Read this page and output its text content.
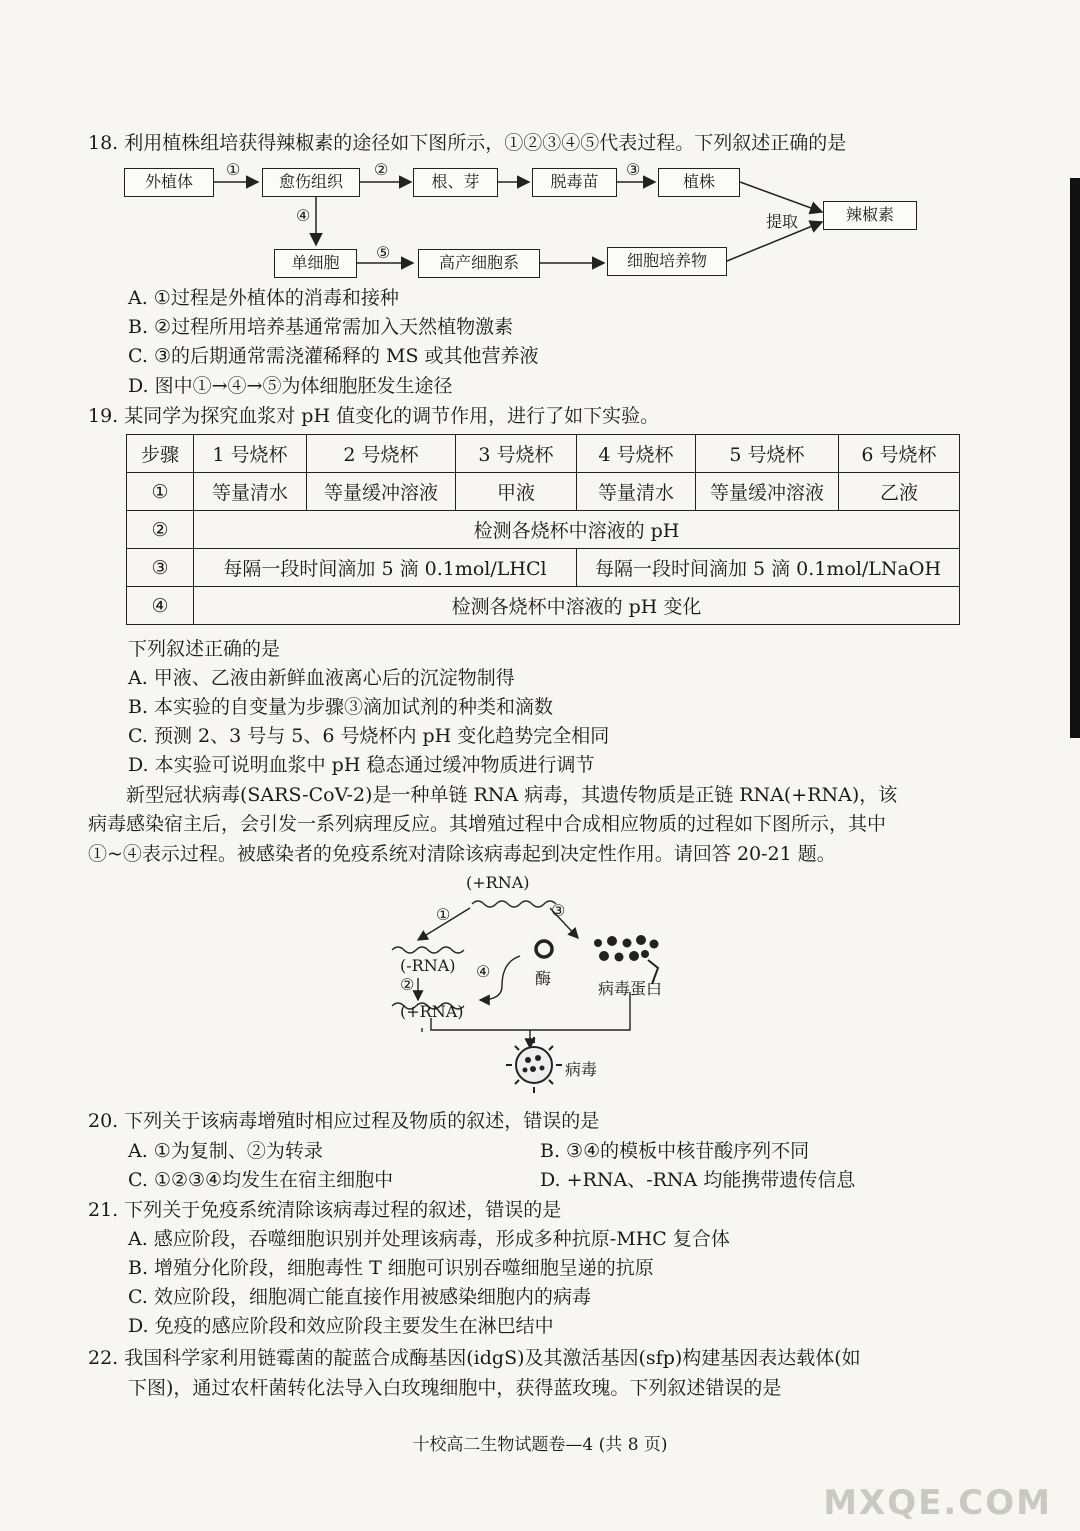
18. 利用植株组培获得辣椒素的途径如下图所示，①②③④⑤代表过程。下列叙述正确的是
外植体	愈伤组织	根、芽	脱毒苗	植株
辣椒素
单细胞	高产细胞系	细胞培养物
①	②	③
④
⑤
提取
A. ①过程是外植体的消毒和接种
B. ②过程所用培养基通常需加入天然植物激素
C. ③的后期通常需浇灌稀释的 MS 或其他营养液
D. 图中①→④→⑤为体细胞胚发生途径
19. 某同学为探究血浆对 pH 值变化的调节作用，进行了如下实验。
步骤	1 号烧杯	2 号烧杯	3 号烧杯	4 号烧杯	5 号烧杯	6 号烧杯
①	等量清水	等量缓冲溶液	甲液	等量清水	等量缓冲溶液	乙液
②	检测各烧杯中溶液的 pH					
③	每隔一段时间滴加 5 滴 0.1mol/LHCl			每隔一段时间滴加 5 滴 0.1mol/LNaOH		
④	检测各烧杯中溶液的 pH 变化					
下列叙述正确的是
A. 甲液、乙液由新鲜血液离心后的沉淀物制得
B. 本实验的自变量为步骤③滴加试剂的种类和滴数
C. 预测 2、3 号与 5、6 号烧杯内 pH 变化趋势完全相同
D. 本实验可说明血浆中 pH 稳态通过缓冲物质进行调节
新型冠状病毒(SARS-CoV-2)是一种单链 RNA 病毒，其遗传物质是正链 RNA(+RNA)，该
病毒感染宿主后，会引发一系列病理反应。其增殖过程中合成相应物质的过程如下图所示，其中
①~④表示过程。被感染者的免疫系统对清除该病毒起到决定性作用。请回答 20-21 题。
(+RNA)
①	③
(-RNA)
②
④
(+RNA)
酶
病毒蛋白
病毒
20. 下列关于该病毒增殖时相应过程及物质的叙述，错误的是
A. ①为复制、②为转录	B. ③④的模板中核苷酸序列不同
C. ①②③④均发生在宿主细胞中	D. +RNA、-RNA 均能携带遗传信息
21. 下列关于免疫系统清除该病毒过程的叙述，错误的是
A. 感应阶段，吞噬细胞识别并处理该病毒，形成多种抗原-MHC 复合体
B. 增殖分化阶段，细胞毒性 T 细胞可识别吞噬细胞呈递的抗原
C. 效应阶段，细胞凋亡能直接作用被感染细胞内的病毒
D. 免疫的感应阶段和效应阶段主要发生在淋巴结中
22. 我国科学家利用链霉菌的靛蓝合成酶基因(idgS)及其激活基因(sfp)构建基因表达载体(如
下图)，通过农杆菌转化法导入白玫瑰细胞中，获得蓝玫瑰。下列叙述错误的是
十校高二生物试题卷—4 (共 8 页)
MXQE.COM
